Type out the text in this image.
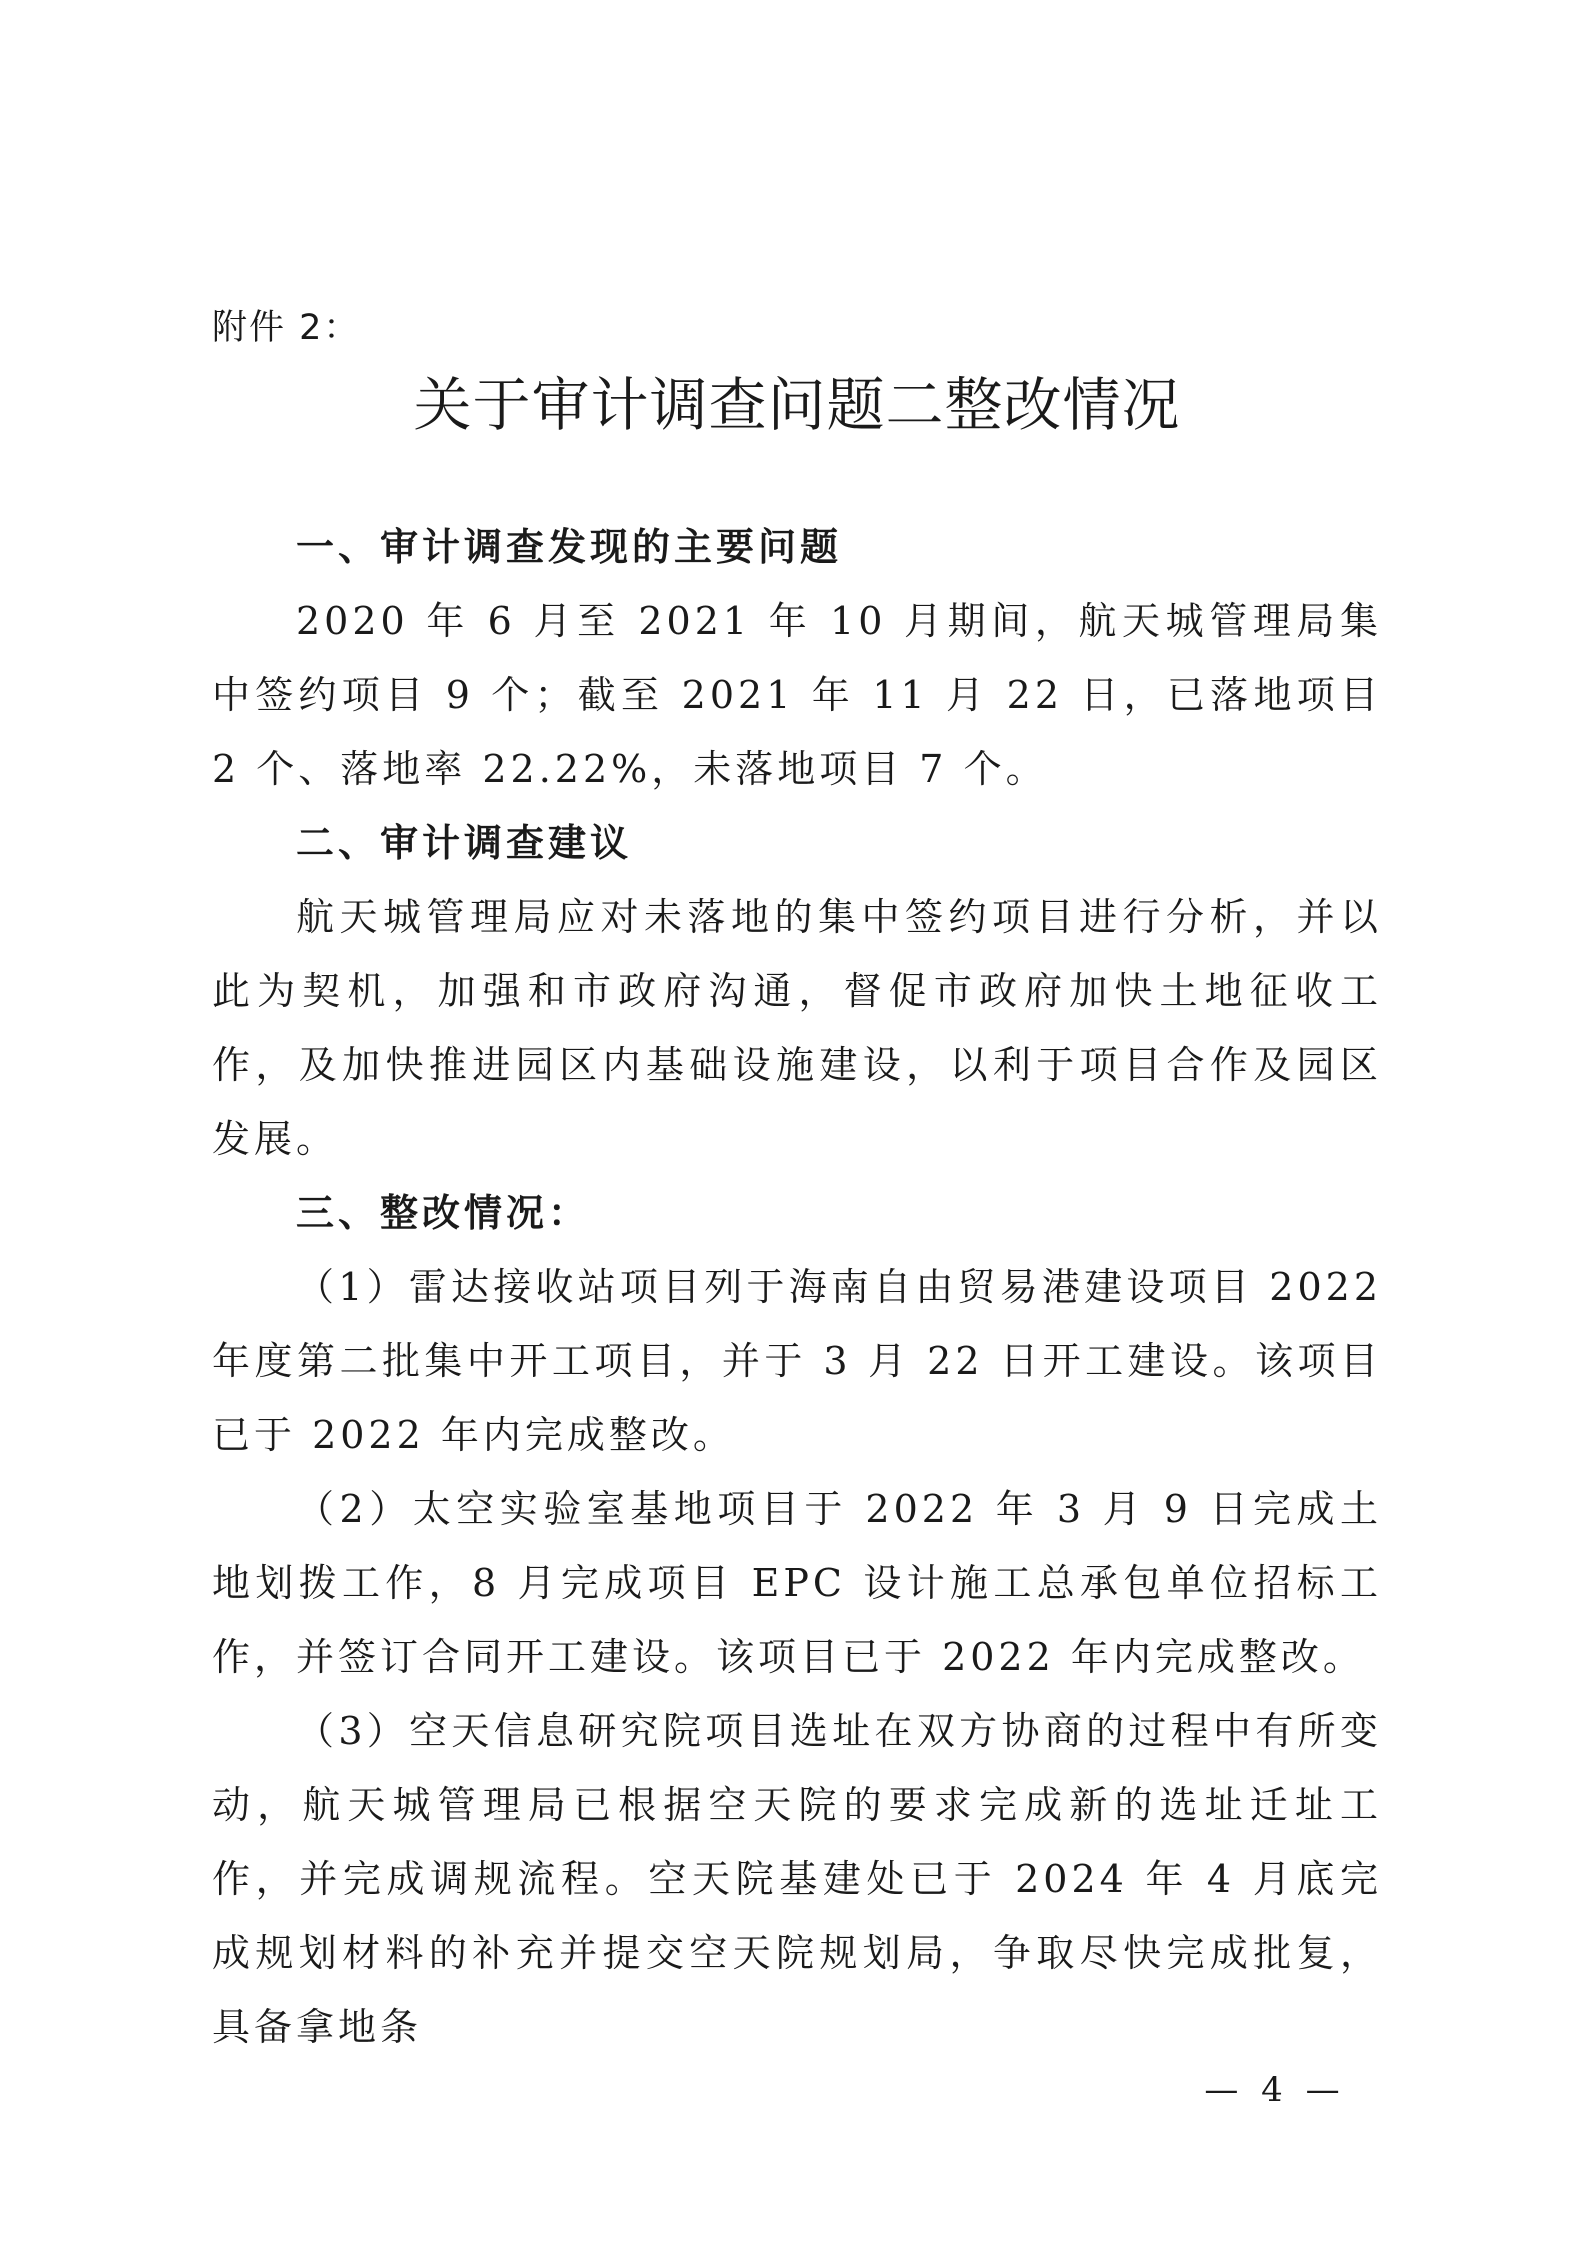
附件 2：

关于审计调查问题二整改情况
一、审计调查发现的主要问题

2020 年 6 月至 2021 年 10 月期间，航天城管理局集中签约项目 9 个；截至 2021 年 11 月 22 日，已落地项目 2 个、落地率 22.22%，未落地项目 7 个。

二、审计调查建议

航天城管理局应对未落地的集中签约项目进行分析，并以此为契机，加强和市政府沟通，督促市政府加快土地征收工作，及加快推进园区内基础设施建设，以利于项目合作及园区发展。

三、整改情况：

（1）雷达接收站项目列于海南自由贸易港建设项目 2022 年度第二批集中开工项目，并于 3 月 22 日开工建设。该项目已于 2022 年内完成整改。

（2）太空实验室基地项目于 2022 年 3 月 9 日完成土地划拨工作，8 月完成项目 EPC 设计施工总承包单位招标工作，并签订合同开工建设。该项目已于 2022 年内完成整改。

（3）空天信息研究院项目选址在双方协商的过程中有所变动，航天城管理局已根据空天院的要求完成新的选址迁址工作，并完成调规流程。空天院基建处已于 2024 年 4 月底完成规划材料的补充并提交空天院规划局，争取尽快完成批复，具备拿地条

— 4 —
